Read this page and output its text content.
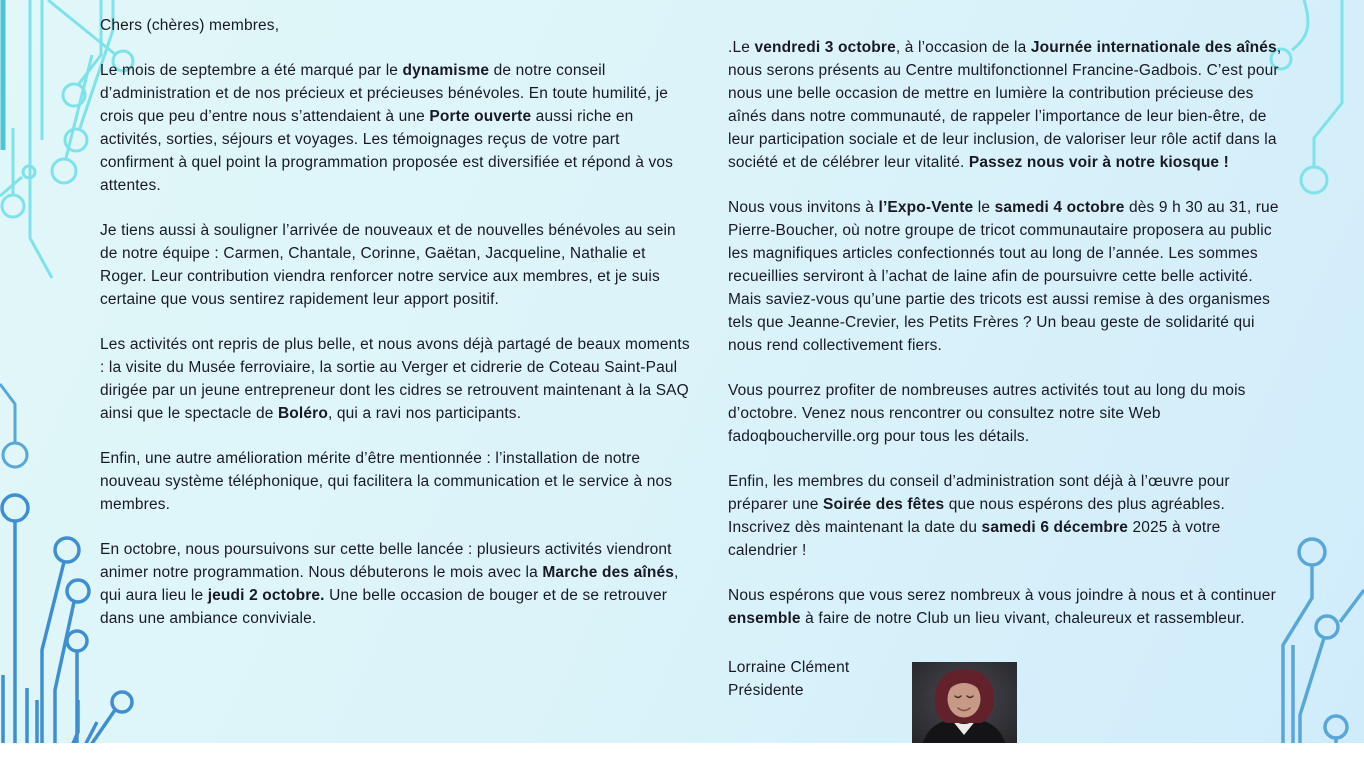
Chers (chères) membres,

Le mois de septembre a été marqué par le dynamisme de notre conseil d’administration et de nos précieux et précieuses bénévoles. En toute humilité, je crois que peu d’entre nous s’attendaient à une Porte ouverte aussi riche en activités, sorties, séjours et voyages. Les témoignages reçus de votre part confirment à quel point la programmation proposée est diversifiée et répond à vos attentes.

Je tiens aussi à souligner l’arrivée de nouveaux et de nouvelles bénévoles au sein de notre équipe : Carmen, Chantale, Corinne, Gaëtan, Jacqueline, Nathalie et Roger. Leur contribution viendra renforcer notre service aux membres, et je suis certaine que vous sentirez rapidement leur apport positif.

Les activités ont repris de plus belle, et nous avons déjà partagé de beaux moments : la visite du Musée ferroviaire, la sortie au Verger et cidrerie de Coteau Saint-Paul dirigée par un jeune entrepreneur dont les cidres se retrouvent maintenant à la SAQ ainsi que le spectacle de Boléro, qui a ravi nos participants.

Enfin, une autre amélioration mérite d’être mentionnée : l’installation de notre nouveau système téléphonique, qui facilitera la communication et le service à nos membres.

En octobre, nous poursuivons sur cette belle lancée : plusieurs activités viendront animer notre programmation. Nous débuterons le mois avec la Marche des aînés, qui aura lieu le jeudi 2 octobre. Une belle occasion de bouger et de se retrouver dans une ambiance conviviale.

.Le vendredi 3 octobre, à l’occasion de la Journée internationale des aînés, nous serons présents au Centre multifonctionnel Francine-Gadbois. C’est pour nous une belle occasion de mettre en lumière la contribution précieuse des aînés dans notre communauté, de rappeler l’importance de leur bien-être, de leur participation sociale et de leur inclusion, de valoriser leur rôle actif dans la société et de célébrer leur vitalité. Passez nous voir à notre kiosque !

Nous vous invitons à l’Expo-Vente le samedi 4 octobre dès 9 h 30 au 31, rue Pierre-Boucher, où notre groupe de tricot communautaire proposera au public les magnifiques articles confectionnés tout au long de l’année. Les sommes recueillies serviront à l’achat de laine afin de poursuivre cette belle activité. Mais saviez-vous qu’une partie des tricots est aussi remise à des organismes tels que Jeanne-Crevier, les Petits Frères ? Un beau geste de solidarité qui nous rend collectivement fiers.

Vous pourrez profiter de nombreuses autres activités tout au long du mois d’octobre. Venez nous rencontrer ou consultez notre site Web fadoqboucherville.org pour tous les détails.

Enfin, les membres du conseil d’administration sont déjà à l’œuvre pour préparer une Soirée des fêtes que nous espérons des plus agréables. Inscrivez dès maintenant la date du samedi 6 décembre 2025 à votre calendrier !

Nous espérons que vous serez nombreux à vous joindre à nous et à continuer ensemble à faire de notre Club un lieu vivant, chaleureux et rassembleur.

Lorraine Clément
Présidente
